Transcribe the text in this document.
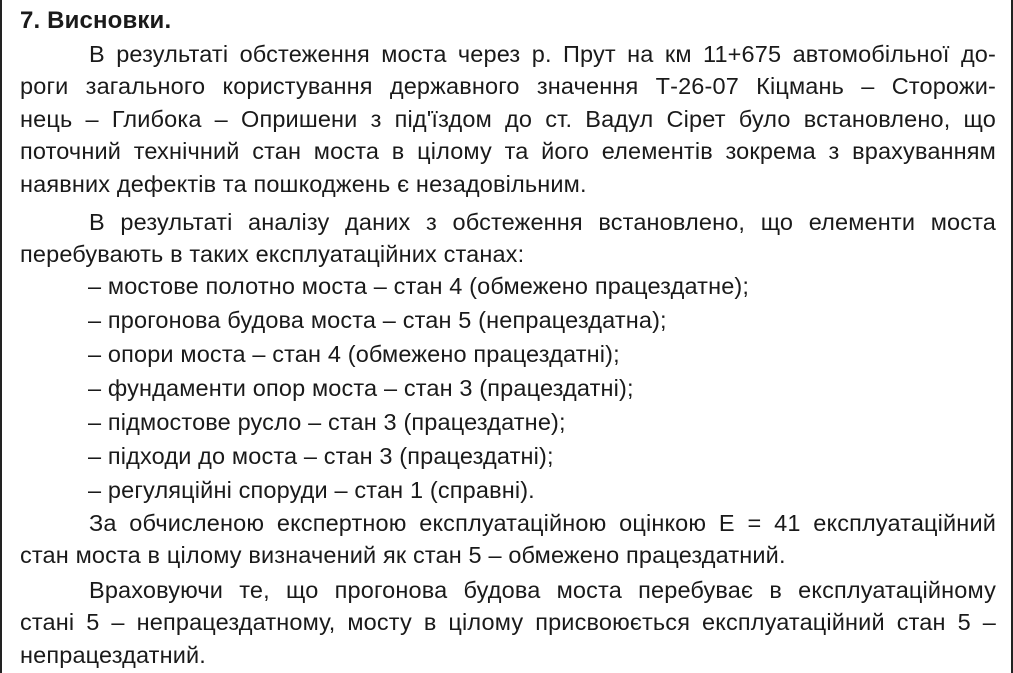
7. Висновки.
В результаті обстеження моста через р. Прут на км 11+675 автомобільної до-
роги загального користування державного значення Т-26-07 Кіцмань – Сторожи-
нець – Глибока – Опришени з під'їздом до ст. Вадул Сірет було встановлено, що
поточний технічний стан моста в цілому та його елементів зокрема з врахуванням
наявних дефектів та пошкоджень є незадовільним.
В результаті аналізу даних з обстеження встановлено, що елементи моста
перебувають в таких експлуатаційних станах:
– мостове полотно моста – стан 4 (обмежено працездатне);
– прогонова будова моста – стан 5 (непрацездатна);
– опори моста – стан 4 (обмежено працездатні);
– фундаменти опор моста – стан 3 (працездатні);
– підмостове русло – стан 3 (працездатне);
– підходи до моста – стан 3 (працездатні);
– регуляційні споруди – стан 1 (справні).
За обчисленою експертною експлуатаційною оцінкою E = 41 експлуатаційний
стан моста в цілому визначений як стан 5 – обмежено працездатний.
Враховуючи те, що прогонова будова моста перебуває в експлуатаційному
стані 5 – непрацездатному, мосту в цілому присвоюється експлуатаційний стан 5 –
непрацездатний.
